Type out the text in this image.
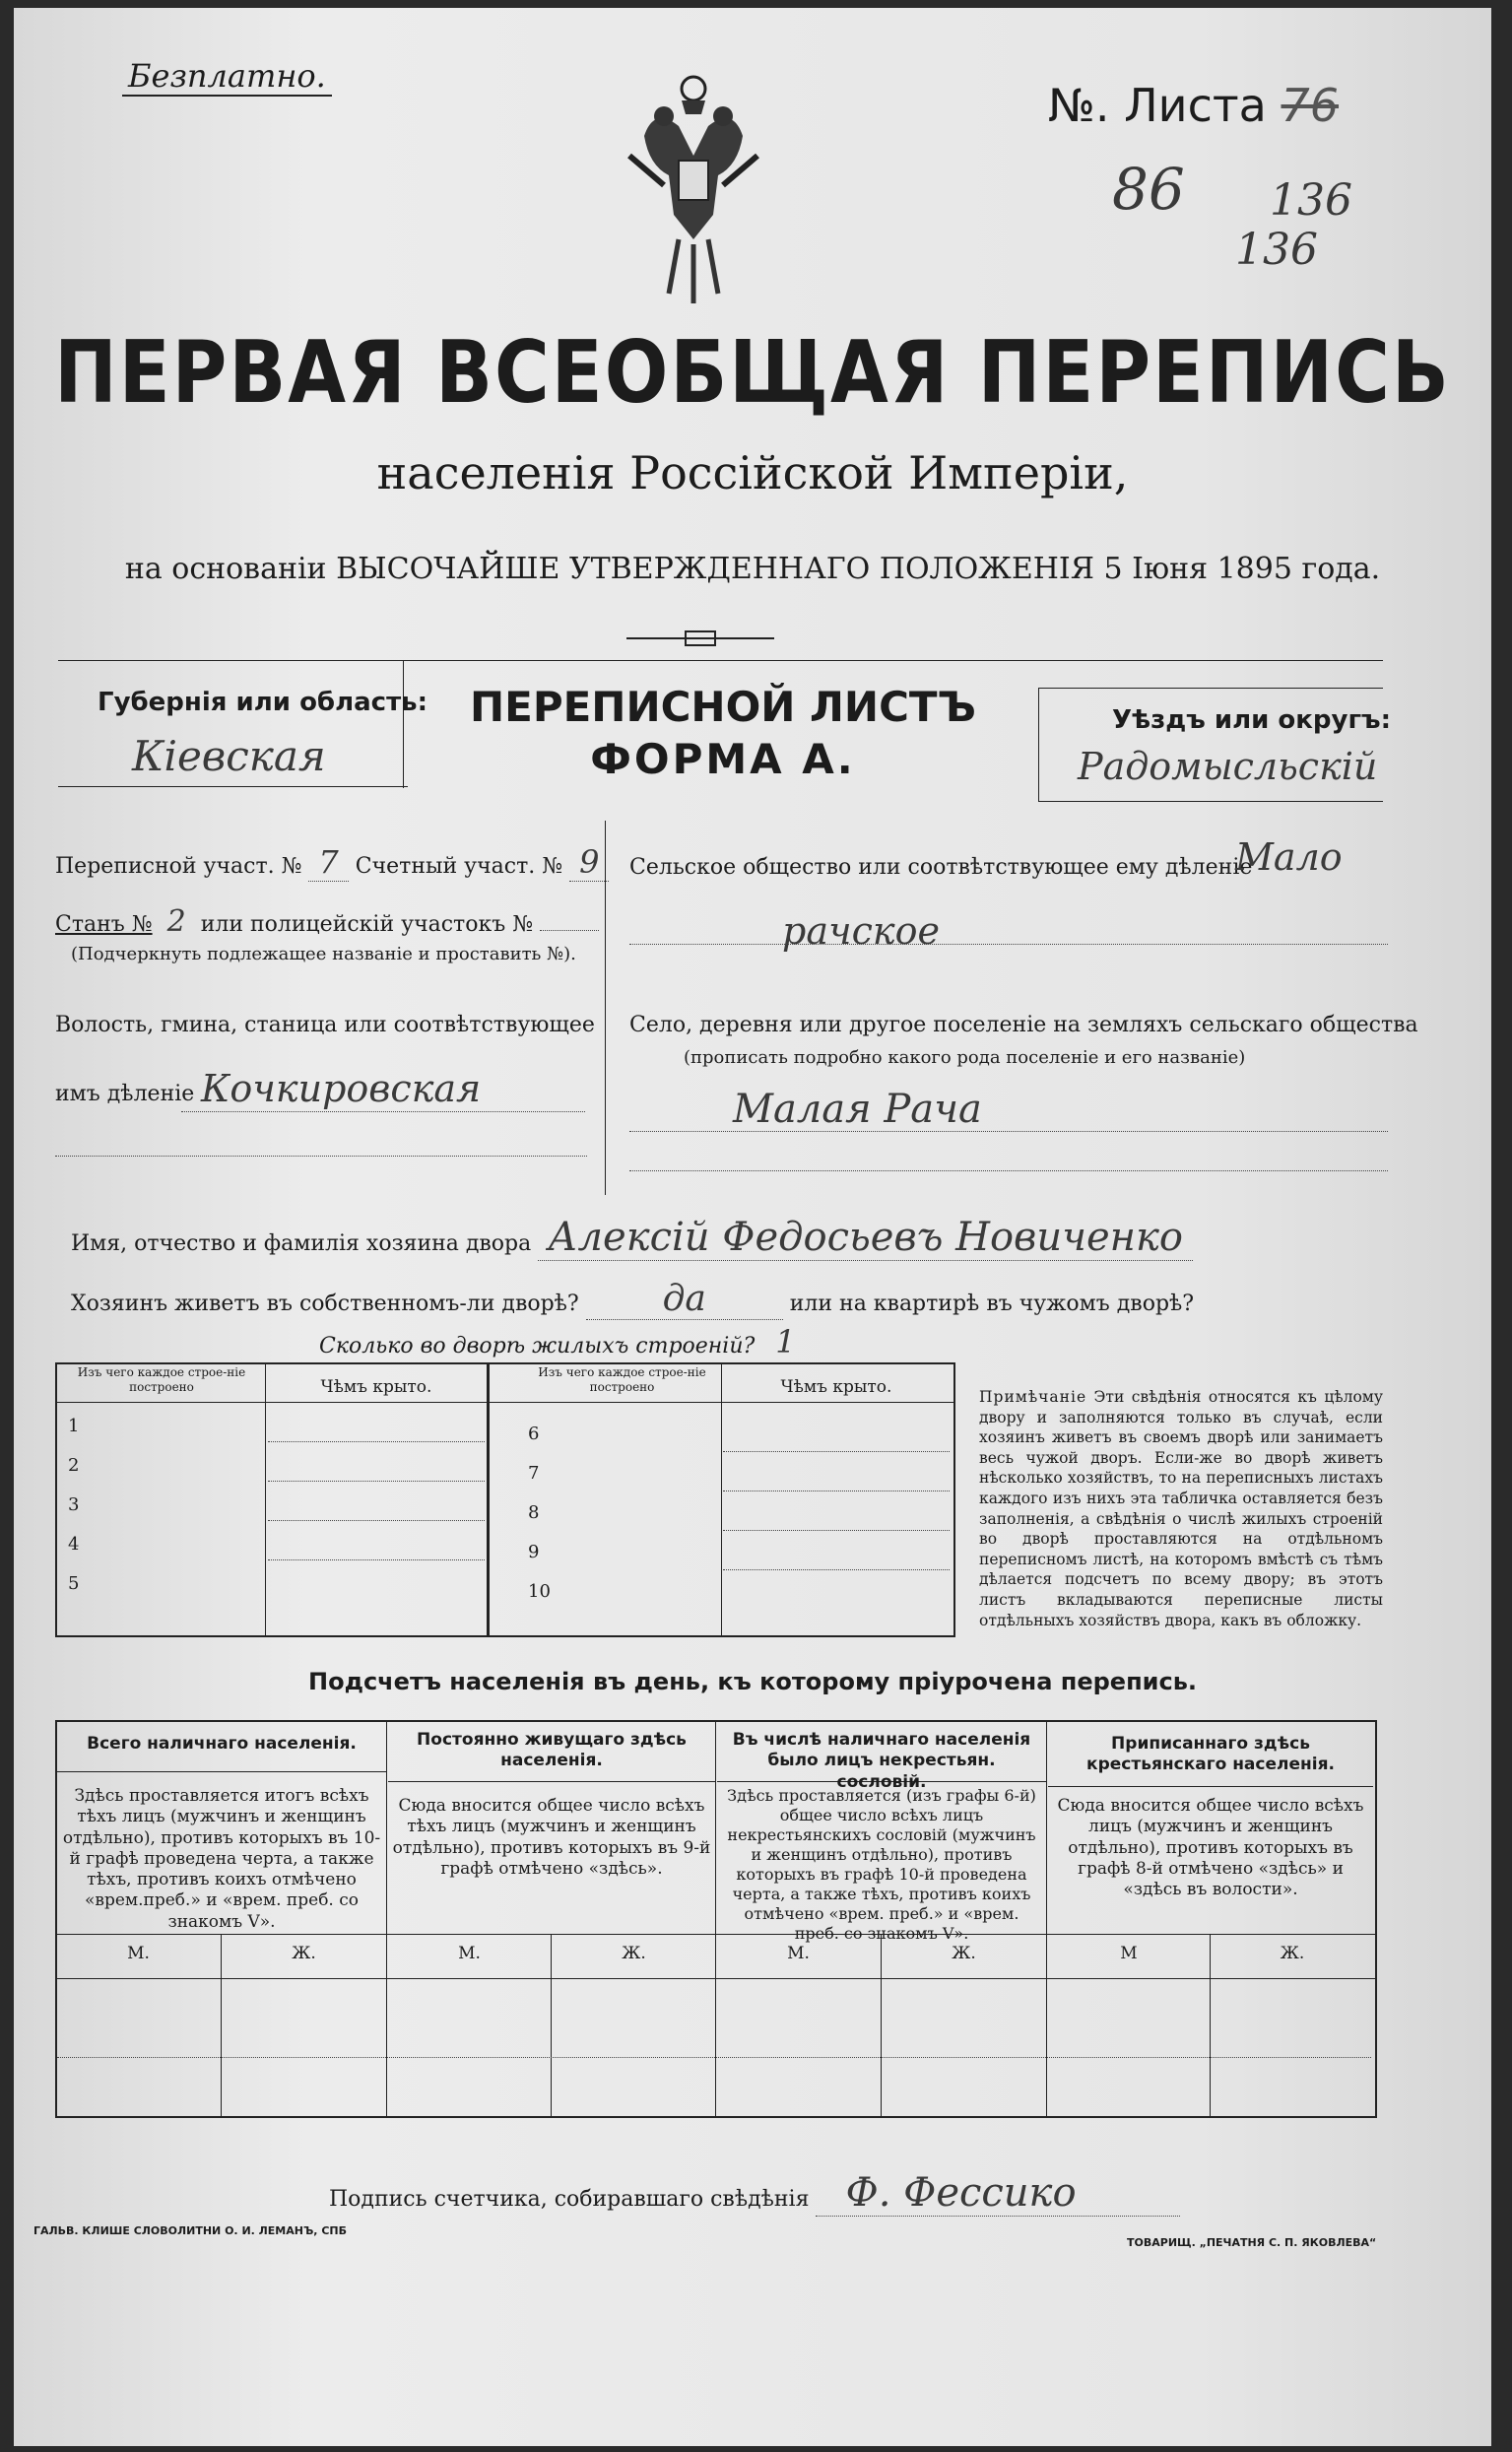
Безплатно.
№. Листа 76
86 136
136
ПЕРВАЯ ВСЕОБЩАЯ ПЕРЕПИСЬ
населенія Россійской Имперіи,
на основаніи ВЫСОЧАЙШЕ УТВЕРЖДЕННАГО ПОЛОЖЕНІЯ 5 Іюня 1895 года.
Губернія или область:
Кіевская
ПЕРЕПИСНОЙ ЛИСТЪ
ФОРМА А.
Уѣздъ или округъ:
Радомысльскій
Переписной участ. № 7 Счетный участ. № 9
Станъ № 2 или полицейскій участокъ №
(Подчеркнуть подлежащее названіе и проставить №).
Волость, гмина, станица или соотвѣтствующее
имъ дѣленіе Кочкировская
Сельское общество или соотвѣтствующее ему дѣленіе
Мало
рачское
Село, деревня или другое поселеніе на земляхъ сельскаго общества
(прописать подробно какого рода поселеніе и его названіе)
Малая Рача
Имя, отчество и фамилія хозяина двора Алексій Федосьевъ Новиченко
Хозяинъ живетъ въ собственномъ-ли дворѣ? да	или на квартирѣ въ чужомъ дворѣ?
Сколько во дворѣ жилыхъ строеній? 1
Изъ чего каждое строе-ніе построено	Чѣмъ крыто.
Изъ чего каждое строе-ніе построено	Чѣмъ крыто.
1
2
3
4
5
6
7
8
9
10
Примѣчаніе Эти свѣдѣнія относятся къ цѣлому двору и заполняются только въ случаѣ, если хозяинъ живетъ въ своемъ дворѣ или занимаетъ весь чужой дворъ. Если-же во дворѣ живетъ нѣсколько хозяйствъ, то на переписныхъ листахъ каждого изъ нихъ эта табличка оставляется безъ заполненія, а свѣдѣнія о числѣ жилыхъ строеній во дворѣ проставляются на отдѣльномъ переписномъ листѣ, на которомъ вмѣстѣ съ тѣмъ дѣлается подсчетъ по всему двору; въ этотъ листъ вкладываются переписные листы отдѣльныхъ хозяйствъ двора, какъ въ обложку.
Подсчетъ населенія въ день, къ которому пріурочена перепись.
Всего наличнаго населенія.
Здѣсь проставляется итогъ всѣхъ тѣхъ лицъ (мужчинъ и женщинъ отдѣльно), противъ которыхъ въ 10-й графѣ проведена черта, а также тѣхъ, противъ коихъ отмѣчено «врем.преб.» и «врем. преб. со знакомъ V».
М.	Ж.
Постоянно живущаго здѣсь населенія.
Сюда вносится общее число всѣхъ тѣхъ лицъ (мужчинъ и женщинъ отдѣльно), противъ которыхъ въ 9-й графѣ отмѣчено «здѣсь».
М.	Ж.
Въ числѣ наличнаго населенія было лицъ некрестьян. сословій.
Здѣсь проставляется (изъ графы 6-й) общее число всѣхъ лицъ некрестьянскихъ сословій (мужчинъ и женщинъ отдѣльно), противъ которыхъ въ графѣ 10-й проведена черта, а также тѣхъ, противъ коихъ отмѣчено «врем. преб.» и «врем. преб. со знакомъ V».
М.	Ж.
Приписаннаго здѣсь крестьянскаго населенія.
Сюда вносится общее число всѣхъ лицъ (мужчинъ и женщинъ отдѣльно), противъ которыхъ въ графѣ 8-й отмѣчено «здѣсь» и «здѣсь въ волости».
М	Ж.
Подпись счетчика, собиравшаго свѣдѣнія Ф. Фессико
ГАЛЬВ. КЛИШЕ СЛОВОЛИТНИ О. И. ЛЕМАНЪ, СПБ
ТОВАРИЩ. „ПЕЧАТНЯ С. П. ЯКОВЛЕВА“
